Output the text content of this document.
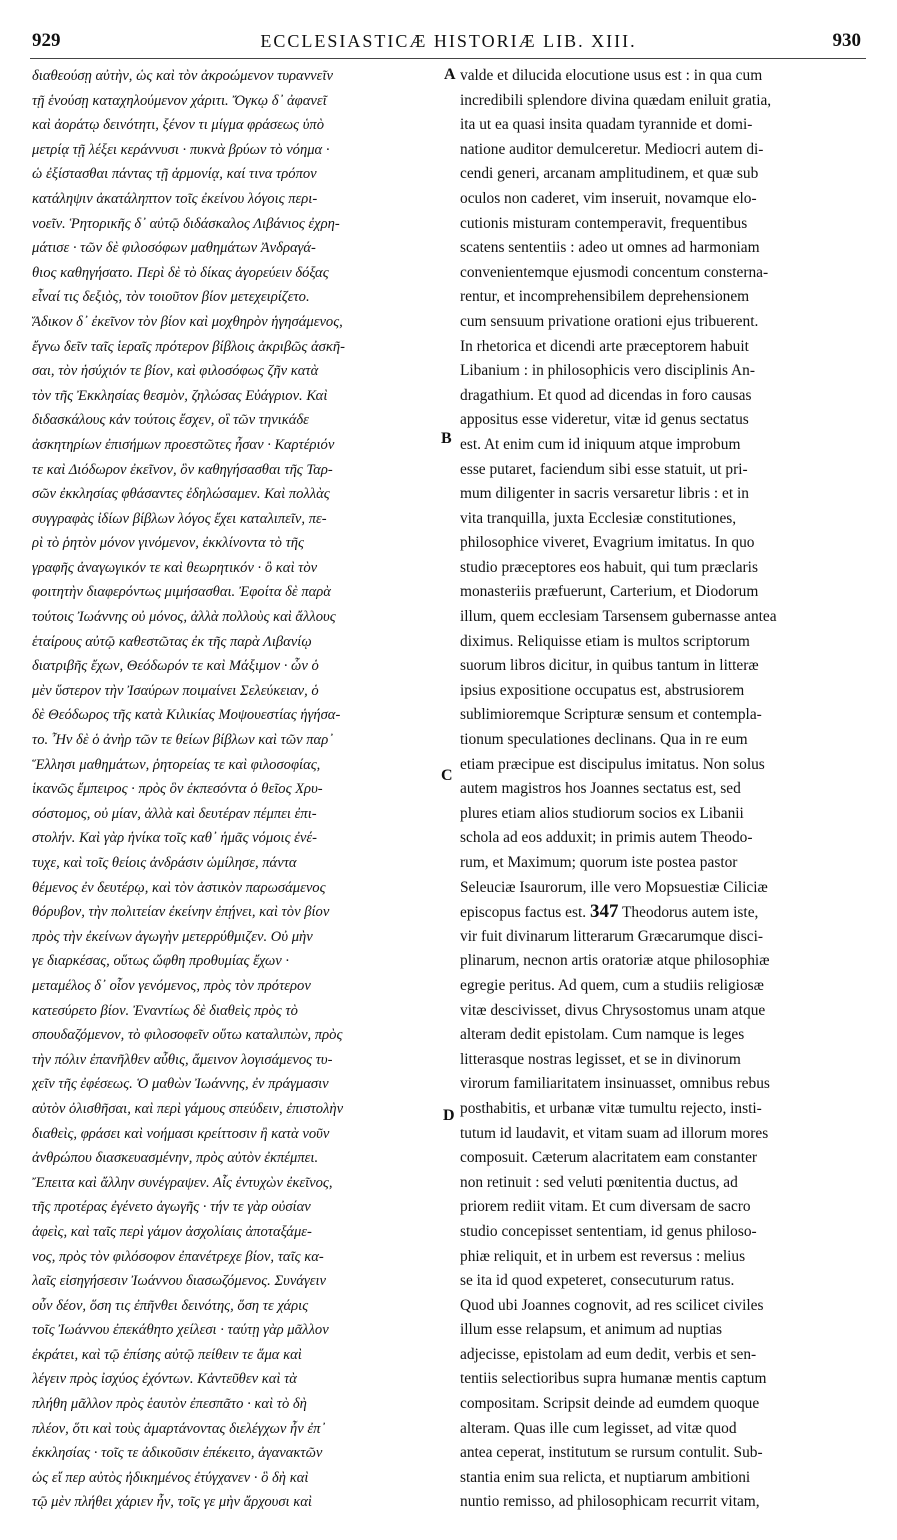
929	ECCLESIASTICÆ HISTORIÆ LIB. XIII.	930
διαθεούσῃ αὐτὴν, ὡς καὶ τὸν ἀκροώμενον τυραννεῖν
τῇ ἑνούσῃ καταχηλούμενον χάριτι. Ὄγκῳ δ᾽ ἀφανεῖ
καὶ ἀοράτῳ δεινότητι, ξένον τι μίγμα φράσεως ὑπὸ
μετρίᾳ τῇ λέξει κεράννυσι · πυκνὰ βρύων τὸ νόημα ·
ὡ ἐξίστασθαι πάντας τῇ ἁρμονίᾳ, καί τινα τρόπον
κατάληψιν ἀκατάληπτον τοῖς ἐκείνου λόγοις περι-
νοεῖν. Ῥητορικῆς δ᾽ αὐτῷ διδάσκαλος Λιβάνιος ἐχρη-
μάτισε · τῶν δὲ φιλοσόφων μαθημάτων Ἀνδραγά-
θιος καθηγήσατο. Περὶ δὲ τὸ δίκας ἀγορεύειν δόξας
εἶναί τις δεξιὸς, τὸν τοιοῦτον βίον μετεχειρίζετο.
Ἄδικον δ᾽ ἐκεῖνον τὸν βίον καὶ μοχθηρὸν ἡγησάμενος,
ἔγνω δεῖν ταῖς ἱεραῖς πρότερον βίβλοις ἀκριβῶς ἀσκῆ-
σαι, τὸν ἡσύχιόν τε βίον, καὶ φιλοσόφως ζῆν κατὰ
τὸν τῆς Ἐκκλησίας θεσμὸν, ζηλώσας Εὐάγριον. Καὶ
διδασκάλους κἀν τούτοις ἔσχεν, οἳ τῶν τηνικάδε
ἀσκητηρίων ἐπισήμων προεστῶτες ἦσαν · Καρτέριόν
τε καὶ Διόδωρον ἐκεῖνον, ὃν καθηγήσασθαι τῆς Ταρ-
σῶν ἐκκλησίας φθάσαντες ἐδηλώσαμεν. Καὶ πολλὰς
συγγραφὰς ἰδίων βίβλων λόγος ἔχει καταλιπεῖν, πε-
ρὶ τὸ ῥητὸν μόνον γινόμενον, ἐκκλίνοντα τὸ τῆς
γραφῆς ἀναγωγικόν τε καὶ θεωρητικόν · ὃ καὶ τὸν
φοιτητὴν διαφερόντως μιμήσασθαι. Ἐφοίτα δὲ παρὰ
τούτοις Ἰωάννης οὐ μόνος, ἀλλὰ πολλοὺς καὶ ἄλλους
ἑταίρους αὐτῷ καθεστῶτας ἐκ τῆς παρὰ Λιβανίῳ
διατριβῆς ἔχων, Θεόδωρόν τε καὶ Μάξιμον · ὧν ὁ
μὲν ὕστερον τὴν Ἰσαύρων ποιμαίνει Σελεύκειαν, ὁ
δὲ Θεόδωρος τῆς κατὰ Κιλικίας Μοψουεστίας ἡγήσα-
το. Ἦν δὲ ὁ ἀνὴρ τῶν τε θείων βίβλων καὶ τῶν παρ᾽
Ἕλλησι μαθημάτων, ῥητορείας τε καὶ φιλοσοφίας,
ἱκανῶς ἔμπειρος · πρὸς ὃν ἐκπεσόντα ὁ θεῖος Χρυ-
σόστομος, οὐ μίαν, ἀλλὰ καὶ δευτέραν πέμπει ἐπι-
στολήν. Καὶ γὰρ ἡνίκα τοῖς καθ᾽ ἡμᾶς νόμοις ἐνέ-
τυχε, καὶ τοῖς θείοις ἀνδράσιν ὡμίλησε, πάντα
θέμενος ἐν δευτέρῳ, καὶ τὸν ἀστικὸν παρωσάμενος
θόρυβον, τὴν πολιτείαν ἐκείνην ἐπῄνει, καὶ τὸν βίον
πρὸς τὴν ἐκείνων ἀγωγὴν μετερρύθμιζεν. Οὐ μὴν
γε διαρκέσας, οὕτως ὤφθη προθυμίας ἔχων ·
μεταμέλος δ᾽ οἷον γενόμενος, πρὸς τὸν πρότερον
κατεσύρετο βίον. Ἐναντίως δὲ διαθεὶς πρὸς τὸ
σπουδαζόμενον, τὸ φιλοσοφεῖν οὕτω καταλιπὼν, πρὸς
τὴν πόλιν ἐπανῆλθεν αὖθις, ἄμεινον λογισάμενος τυ-
χεῖν τῆς ἐφέσεως. Ὁ μαθὼν Ἰωάννης, ἐν πράγμασιν
αὐτὸν ὀλισθῆσαι, καὶ περὶ γάμους σπεύδειν, ἐπιστολὴν
διαθεὶς, φράσει καὶ νοήμασι κρείττοσιν ἢ κατὰ νοῦν
ἀνθρώπου διασκευασμένην, πρὸς αὐτὸν ἐκπέμπει.
Ἔπειτα καὶ ἄλλην συνέγραψεν. Αἷς ἐντυχὼν ἐκεῖνος,
τῆς προτέρας ἐγένετο ἀγωγῆς · τήν τε γὰρ οὐσίαν
ἀφεὶς, καὶ ταῖς περὶ γάμον ἀσχολίαις ἀποταξάμε-
νος, πρὸς τὸν φιλόσοφον ἐπανέτρεχε βίον, ταῖς κα-
λαῖς εἰσηγήσεσιν Ἰωάννου διασωζόμενος. Συνάγειν
οὖν δέον, ὅση τις ἐπῆνθει δεινότης, ὅση τε χάρις
τοῖς Ἰωάννου ἐπεκάθητο χείλεσι · ταύτῃ γὰρ μᾶλλον
ἐκράτει, καὶ τῷ ἐπίσης αὐτῷ πείθειν τε ἅμα καὶ
λέγειν πρὸς ἰσχύος ἐχόντων. Κἀντεῦθεν καὶ τὰ
πλήθη μᾶλλον πρὸς ἑαυτὸν ἐπεσπᾶτο · καὶ τὸ δὴ
πλέον, ὅτι καὶ τοὺς ἁμαρτάνοντας διελέγχων ἦν ἐπ᾽
ἐκκλησίας · τοῖς τε ἀδικοῦσιν ἐπέκειτο, ἀγανακτῶν
ὡς εἴ περ αὐτὸς ἠδικημένος ἐτύγχανεν · ὃ δὴ καὶ
τῷ μὲν πλήθει χάριεν ἦν, τοῖς γε μὴν ἄρχουσι καὶ
valde et dilucida elocutione usus est : in qua cum
incredibili splendore divina quædam eniluit gratia,
ita ut ea quasi insita quadam tyrannide et domi-
natione auditor demulceretur. Mediocri autem di-
cendi generi, arcanam amplitudinem, et quæ sub
oculos non caderet, vim inseruit, novamque elo-
cutionis misturam contemperavit, frequentibus
scatens sententiis : adeo ut omnes ad harmoniam
convenientemque ejusmodi concentum consterna-
rentur, et incomprehensibilem deprehensionem
cum sensuum privatione orationi ejus tribuerent.
In rhetorica et dicendi arte præceptorem habuit
Libanium : in philosophicis vero disciplinis An-
dragathium. Et quod ad dicendas in foro causas
appositus esse videretur, vitæ id genus sectatus
est. At enim cum id iniquum atque improbum
esse putaret, faciendum sibi esse statuit, ut pri-
mum diligenter in sacris versaretur libris : et in
vita tranquilla, juxta Ecclesiæ constitutiones,
philosophice viveret, Evagrium imitatus. In quo
studio præceptores eos habuit, qui tum præclaris
monasteriis præfuerunt, Carterium, et Diodorum
illum, quem ecclesiam Tarsensem gubernasse antea
diximus. Reliquisse etiam is multos scriptorum
suorum libros dicitur, in quibus tantum in litteræ
ipsius expositione occupatus est, abstrusiorem
sublimioremque Scripturæ sensum et contempla-
tionum speculationes declinans. Qua in re eum
etiam præcipue est discipulus imitatus. Non solus
autem magistros hos Joannes sectatus est, sed
plures etiam alios studiorum socios ex Libanii
schola ad eos adduxit; in primis autem Theodo-
rum, et Maximum; quorum iste postea pastor
Seleuciæ Isaurorum, ille vero Mopsuestiæ Ciliciæ
episcopus factus est. 347 Theodorus autem iste,
vir fuit divinarum litterarum Græcarumque disci-
plinarum, necnon artis oratoriæ atque philosophiæ
egregie peritus. Ad quem, cum a studiis religiosæ
vitæ descivisset, divus Chrysostomus unam atque
alteram dedit epistolam. Cum namque is leges
litterasque nostras legisset, et se in divinorum
virorum familiaritatem insinuasset, omnibus rebus
posthabitis, et urbanæ vitæ tumultu rejecto, insti-
tutum id laudavit, et vitam suam ad illorum mores
composuit. Cæterum alacritatem eam constanter
non retinuit : sed veluti pœnitentia ductus, ad
priorem rediit vitam. Et cum diversam de sacro
studio concepisset sententiam, id genus philoso-
phiæ reliquit, et in urbem est reversus : melius
se ita id quod expeteret, consecuturum ratus.
Quod ubi Joannes cognovit, ad res scilicet civiles
illum esse relapsum, et animum ad nuptias
adjecisse, epistolam ad eum dedit, verbis et sen-
tentiis selectioribus supra humanæ mentis captum
compositam. Scripsit deinde ad eumdem quoque
alteram. Quas ille cum legisset, ad vitæ quod
antea ceperat, institutum se rursum contulit. Sub-
stantia enim sua relicta, et nuptiarum ambitioni
nuntio remisso, ad philosophicam recurrit vitam,
A
B
C
D
